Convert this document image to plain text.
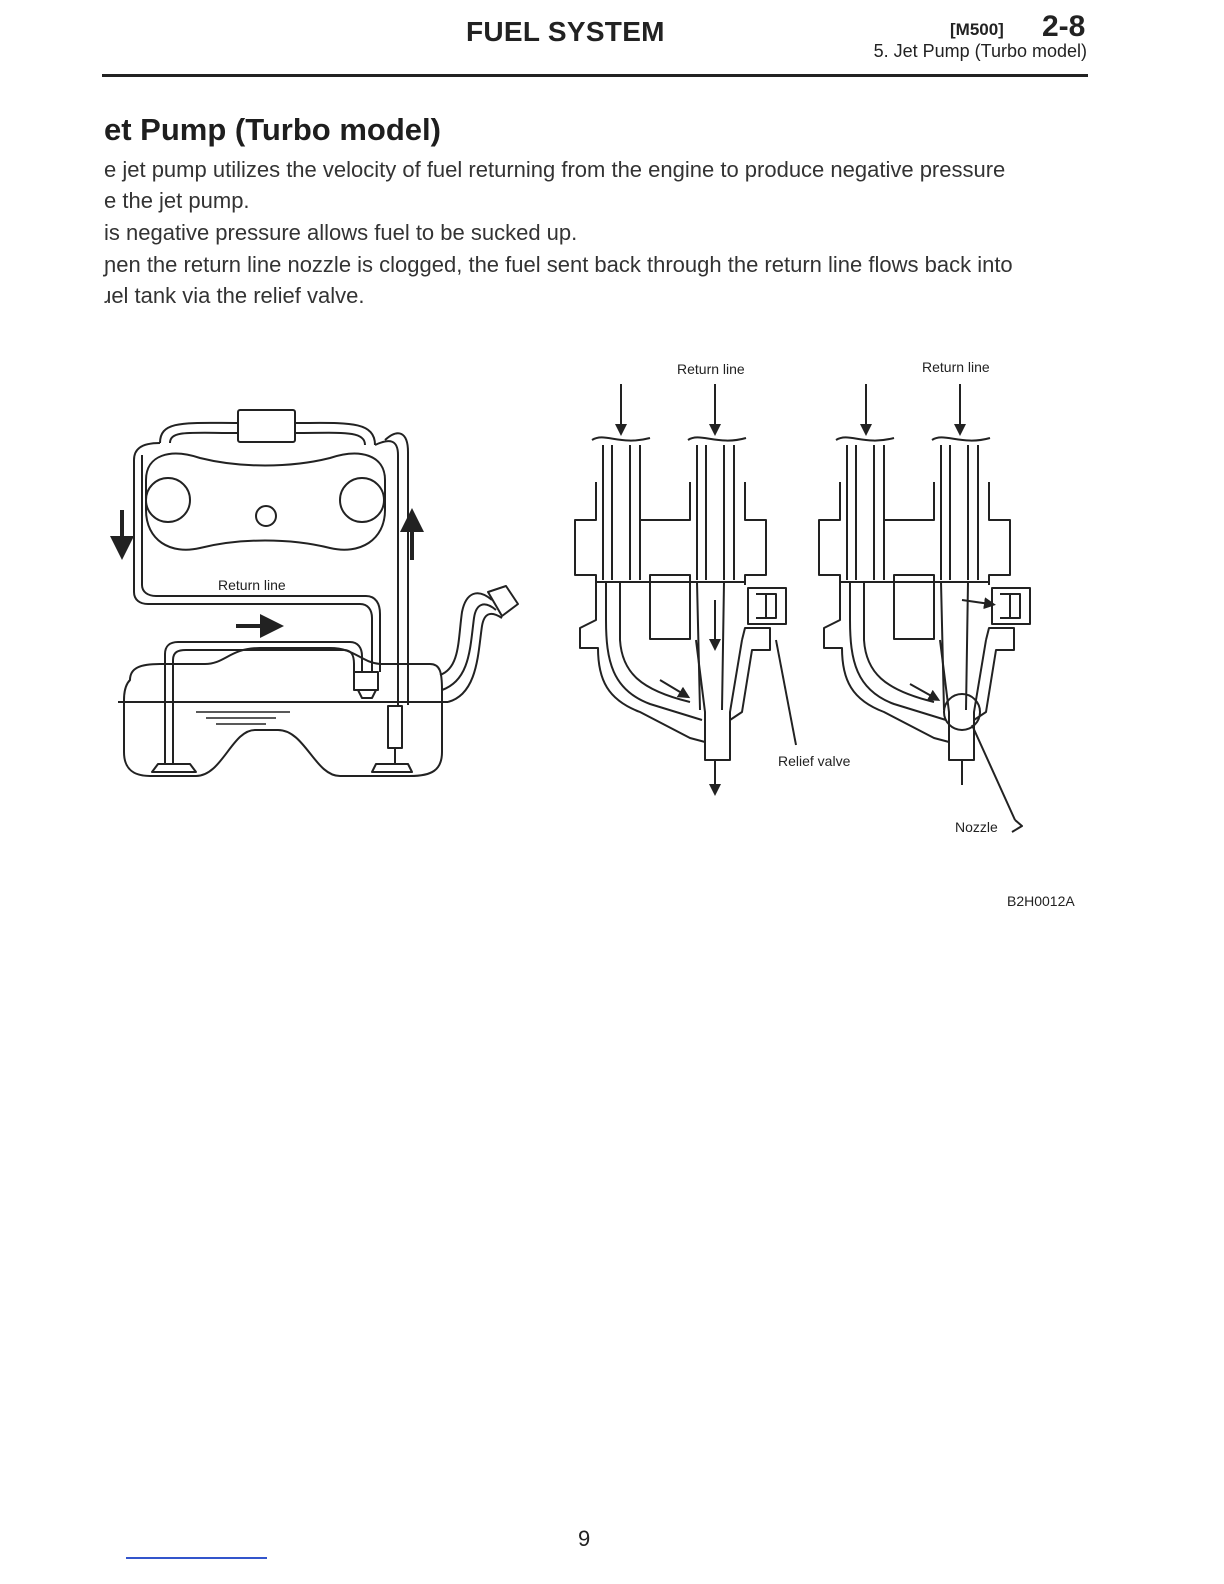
FUEL SYSTEM	[M500] 2-8
5. Jet Pump (Turbo model)
et Pump (Turbo model)
e jet pump utilizes the velocity of fuel returning from the engine to produce negative pressure
e the jet pump.
is negative pressure allows fuel to be sucked up.
ɲen the return line nozzle is clogged, the fuel sent back through the return line flows back into
ɹel tank via the relief valve.
Return line
Return line
Relief valve
Return line
Nozzle
B2H0012A
9
